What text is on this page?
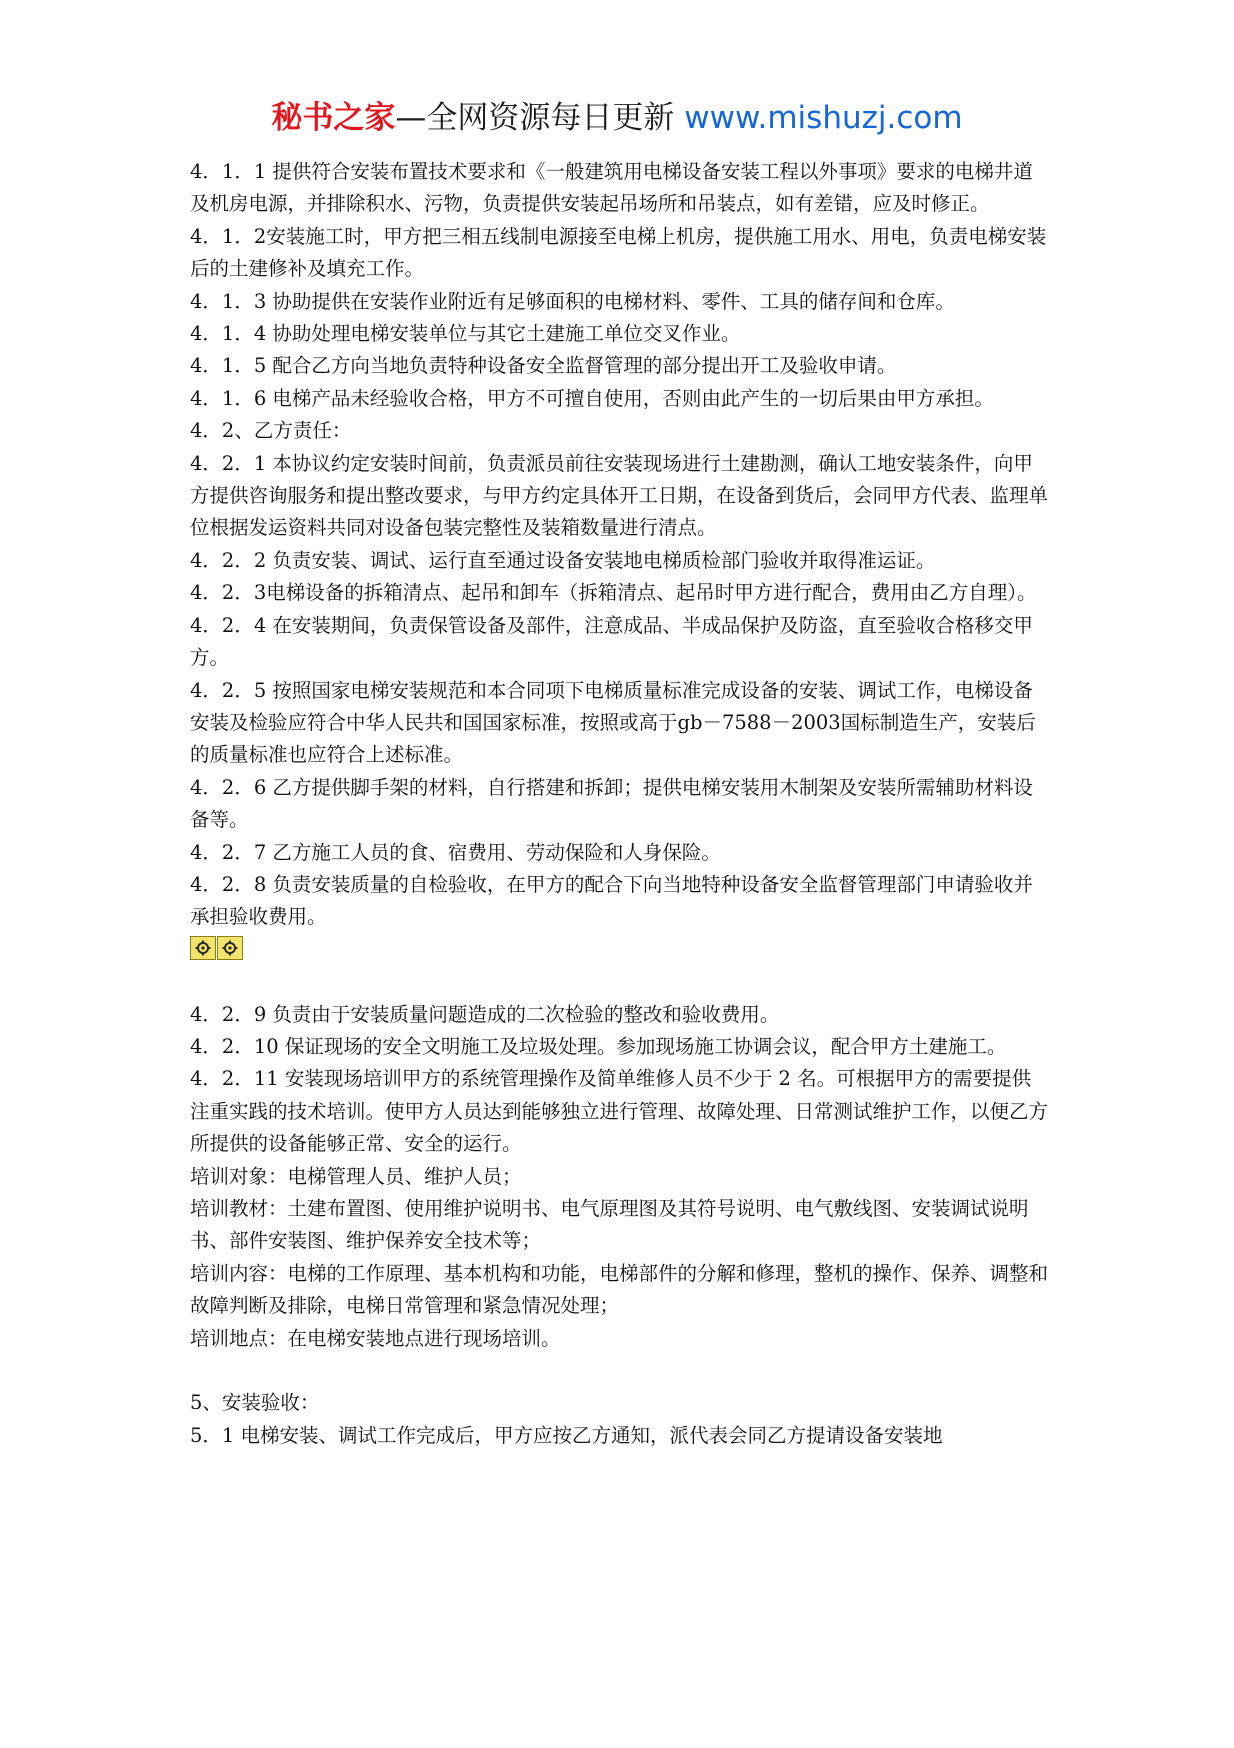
秘书之家—全网资源每日更新 www.mishuzj.com

4．1．1 提供符合安装布置技术要求和《一般建筑用电梯设备安装工程以外事项》要求的电梯井道及机房电源，并排除积水、污物，负责提供安装起吊场所和吊装点，如有差错，应及时修正。

4．1．2安装施工时，甲方把三相五线制电源接至电梯上机房，提供施工用水、用电，负责电梯安装后的土建修补及填充工作。

4．1．3 协助提供在安装作业附近有足够面积的电梯材料、零件、工具的储存间和仓库。

4．1．4 协助处理电梯安装单位与其它土建施工单位交叉作业。

4．1．5 配合乙方向当地负责特种设备安全监督管理的部分提出开工及验收申请。

4．1．6 电梯产品未经验收合格，甲方不可擅自使用，否则由此产生的一切后果由甲方承担。

4．2、乙方责任：

4．2．1 本协议约定安装时间前，负责派员前往安装现场进行土建勘测，确认工地安装条件，向甲方提供咨询服务和提出整改要求，与甲方约定具体开工日期，在设备到货后，会同甲方代表、监理单位根据发运资料共同对设备包装完整性及装箱数量进行清点。

4．2．2 负责安装、调试、运行直至通过设备安装地电梯质检部门验收并取得准运证。

4．2．3电梯设备的拆箱清点、起吊和卸车（拆箱清点、起吊时甲方进行配合，费用由乙方自理）。

4．2．4 在安装期间，负责保管设备及部件，注意成品、半成品保护及防盗，直至验收合格移交甲方。

4．2．5 按照国家电梯安装规范和本合同项下电梯质量标准完成设备的安装、调试工作，电梯设备安装及检验应符合中华人民共和国国家标准，按照或高于gb－7588－2003国标制造生产，安装后的质量标准也应符合上述标准。

4．2．6 乙方提供脚手架的材料，自行搭建和拆卸；提供电梯安装用木制架及安装所需辅助材料设备等。

4．2．7 乙方施工人员的食、宿费用、劳动保险和人身保险。

4．2．8 负责安装质量的自检验收，在甲方的配合下向当地特种设备安全监督管理部门申请验收并承担验收费用。

4．2．9 负责由于安装质量问题造成的二次检验的整改和验收费用。

4．2．10 保证现场的安全文明施工及垃圾处理。参加现场施工协调会议，配合甲方土建施工。

4．2．11 安装现场培训甲方的系统管理操作及简单维修人员不少于 2 名。可根据甲方的需要提供注重实践的技术培训。使甲方人员达到能够独立进行管理、故障处理、日常测试维护工作，以便乙方所提供的设备能够正常、安全的运行。

培训对象：电梯管理人员、维护人员；

培训教材：土建布置图、使用维护说明书、电气原理图及其符号说明、电气敷线图、安装调试说明书、部件安装图、维护保养安全技术等；

培训内容：电梯的工作原理、基本机构和功能，电梯部件的分解和修理，整机的操作、保养、调整和故障判断及排除，电梯日常管理和紧急情况处理；

培训地点：在电梯安装地点进行现场培训。

5、安装验收：

5．1 电梯安装、调试工作完成后，甲方应按乙方通知，派代表会同乙方提请设备安装地
